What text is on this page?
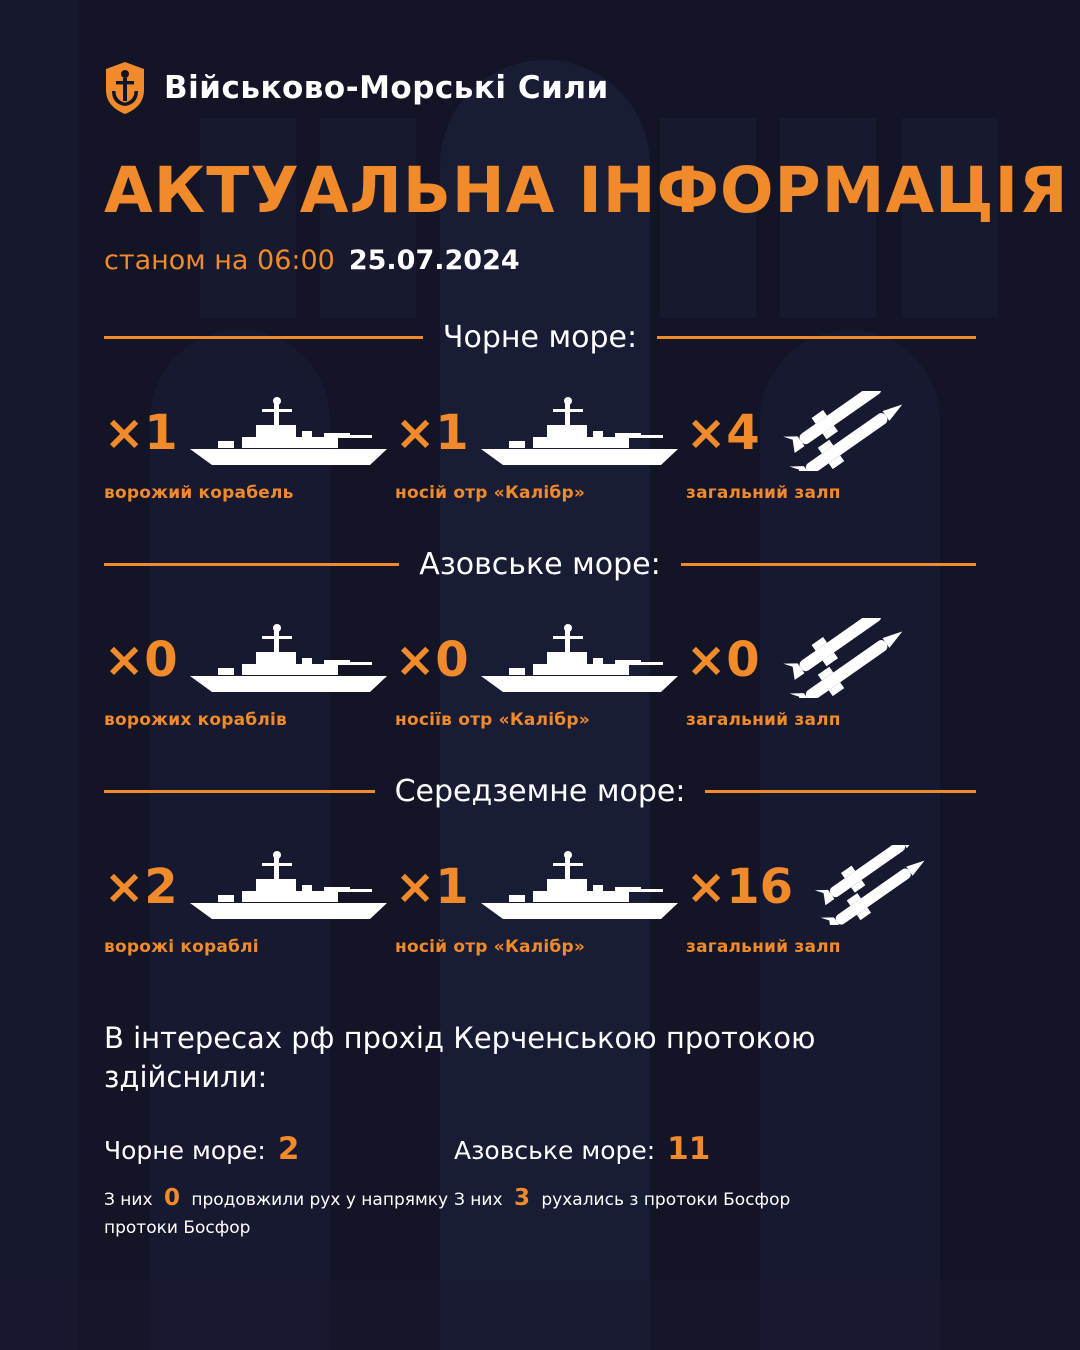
Військово-Морські Сили
АКТУАЛЬНА ІНФОРМАЦІЯ
станом на 06:00 25.07.2024
Чорне море:
×1
ворожий корабель
×1
носій отр «Калібр»
×4
загальний залп
Азовське море:
×0
ворожих кораблів
×0
носіїв отр «Калібр»
×0
загальний залп
Середземне море:
×2
ворожі кораблі
×1
носій отр «Калібр»
×16
загальний залп
В інтересах рф прохід Керченською протокою здійснили:
Чорне море: 2
З них 0 продовжили рух у напрямку протоки Босфор
Азовське море: 11
З них 3 рухались з протоки Босфор
